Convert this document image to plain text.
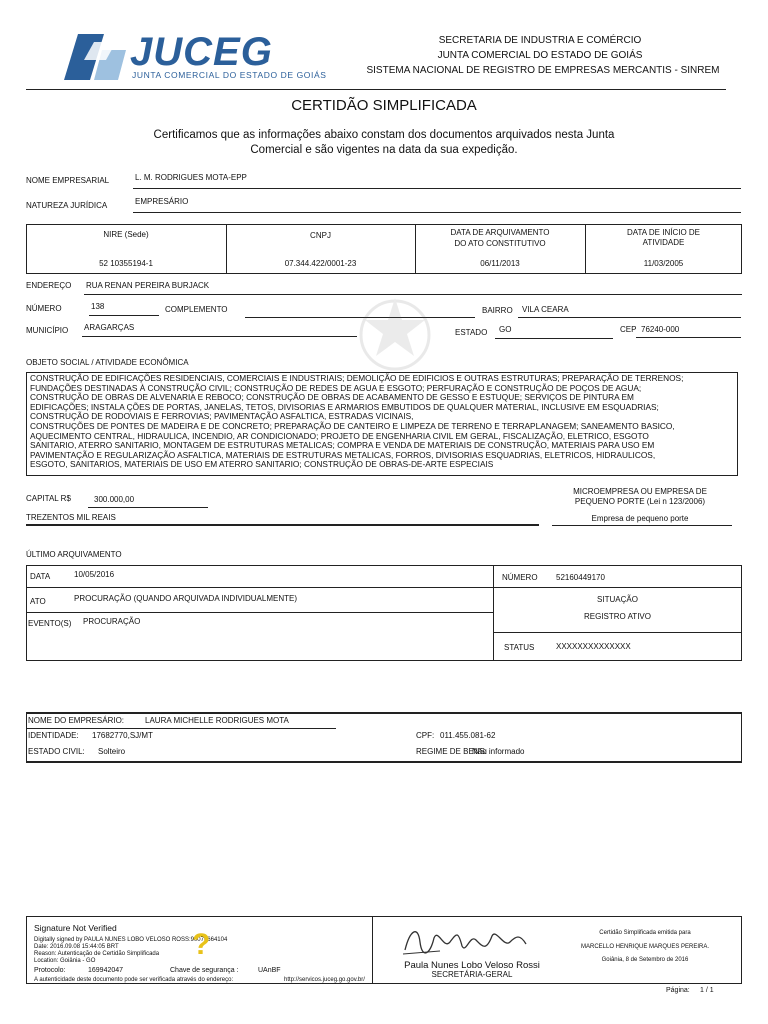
JUCEG
JUNTA COMERCIAL DO ESTADO DE GOIÁS
SECRETARIA DE INDUSTRIA E COMÉRCIO
JUNTA COMERCIAL DO ESTADO DE GOIÁS
SISTEMA NACIONAL DE REGISTRO DE EMPRESAS MERCANTIS - SINREM
CERTIDÃO SIMPLIFICADA
Certificamos que as informações abaixo constam dos documentos arquivados nesta Junta
Comercial e são vigentes na data da sua expedição.
NOME EMPRESARIAL	L. M. RODRIGUES MOTA-EPP
NATUREZA JURÍDICA	EMPRESÁRIO
NIRE (Sede)
52 10355194-1
CNPJ
07.344.422/0001-23
DATA DE ARQUIVAMENTO
DO ATO CONSTITUTIVO
06/11/2013
DATA DE INÍCIO DE
ATIVIDADE
11/03/2005
ENDEREÇO RUA RENAN PEREIRA BURJACK
NÚMERO	138	COMPLEMENTO	BAIRRO VILA CEARA
MUNICÍPIO ARAGARÇAS
ESTADO GO	CEP 76240-000
OBJETO SOCIAL / ATIVIDADE ECONÔMICA
CONSTRUÇÃO DE EDIFICAÇÕES RESIDENCIAIS, COMERCIAIS E INDUSTRIAIS; DEMOLIÇÃO DE EDIFICIOS E OUTRAS ESTRUTURAS; PREPARAÇÃO DE TERRENOS;
FUNDAÇÕES DESTINADAS À CONSTRUÇÃO CIVIL; CONSTRUÇÃO DE REDES DE AGUA E ESGOTO; PERFURAÇÃO E CONSTRUÇÃO DE POÇOS DE AGUA;
CONSTRUÇÃO DE OBRAS DE ALVENARIA E REBOCO; CONSTRUÇÃO DE OBRAS DE ACABAMENTO DE GESSO E ESTUQUE; SERVIÇOS DE PINTURA EM
EDIFICAÇÕES; INSTALA ÇÕES DE PORTAS, JANELAS, TETOS, DIVISORIAS E ARMARIOS EMBUTIDOS DE QUALQUER MATERIAL, INCLUSIVE EM ESQUADRIAS;
CONSTRUÇÃO DE RODOVIAIS E FERROVIAS; PAVIMENTAÇÃO ASFALTICA, ESTRADAS VICINAIS,
CONSTRUÇÕES DE PONTES DE MADEIRA E DE CONCRETO; PREPARAÇÃO DE CANTEIRO E LIMPEZA DE TERRENO E TERRAPLANAGEM; SANEAMENTO BASICO,
AQUECIMENTO CENTRAL, HIDRAULICA, INCENDIO, AR CONDICIONADO; PROJETO DE ENGENHARIA CIVIL EM GERAL, FISCALIZAÇÃO, ELETRICO, ESGOTO
SANITARIO, ATERRO SANITARIO, MONTAGEM DE ESTRUTURAS METALICAS; COMPRA E VENDA DE MATERIAIS DE CONSTRUÇÃO, MATERIAIS PARA USO EM
PAVIMENTAÇÃO E REGULARIZAÇÃO ASFALTICA, MATERIAIS DE ESTRUTURAS METALICAS, FORROS, DIVISORIAS ESQUADRIAS, ELETRICOS, HIDRAULICOS,
ESGOTO, SANITARIOS, MATERIAIS DE USO EM ATERRO SANITARIO; CONSTRUÇÃO DE OBRAS-DE-ARTE ESPECIAIS
CAPITAL R$	300.000,00
TREZENTOS MIL REAIS
MICROEMPRESA OU EMPRESA DE
PEQUENO PORTE (Lei n 123/2006)
Empresa de pequeno porte
ÚLTIMO ARQUIVAMENTO
DATA	10/05/2016	NÚMERO 52160449170
ATO	PROCURAÇÃO (QUANDO ARQUIVADA INDIVIDUALMENTE)
EVENTO(S) PROCURAÇÃO
SITUAÇÃO
REGISTRO ATIVO
STATUS	XXXXXXXXXXXXXX
NOME DO EMPRESÁRIO:	LAURA MICHELLE RODRIGUES MOTA
IDENTIDADE: 17682770,SJ/MT	CPF: 011.455.081-62
ESTADO CIVIL: Solteiro	REGIME DE BENS:
Não informado
Signature Not Verified
Digitally signed by PAULA NUNES LOBO VELOSO ROSS:90076664104
Date: 2016.09.08 15:44:05 BRT
Reason: Autenticação de Certidão Simplificada
Location: Goiânia - GO	?
Protocolo:	169942047	Chave de segurança :	UAnBF
A autenticidade deste documento pode ser verificada através do endereço:	http://servicos.juceg.go.gov.br/
Paula Nunes Lobo Veloso Rossi
SECRETÁRIA-GERAL
Certidão Simplificada emitida para
MARCELLO HENRIQUE MARQUES PEREIRA.
Goiânia, 8 de Setembro de 2016
Página: 1 / 1
